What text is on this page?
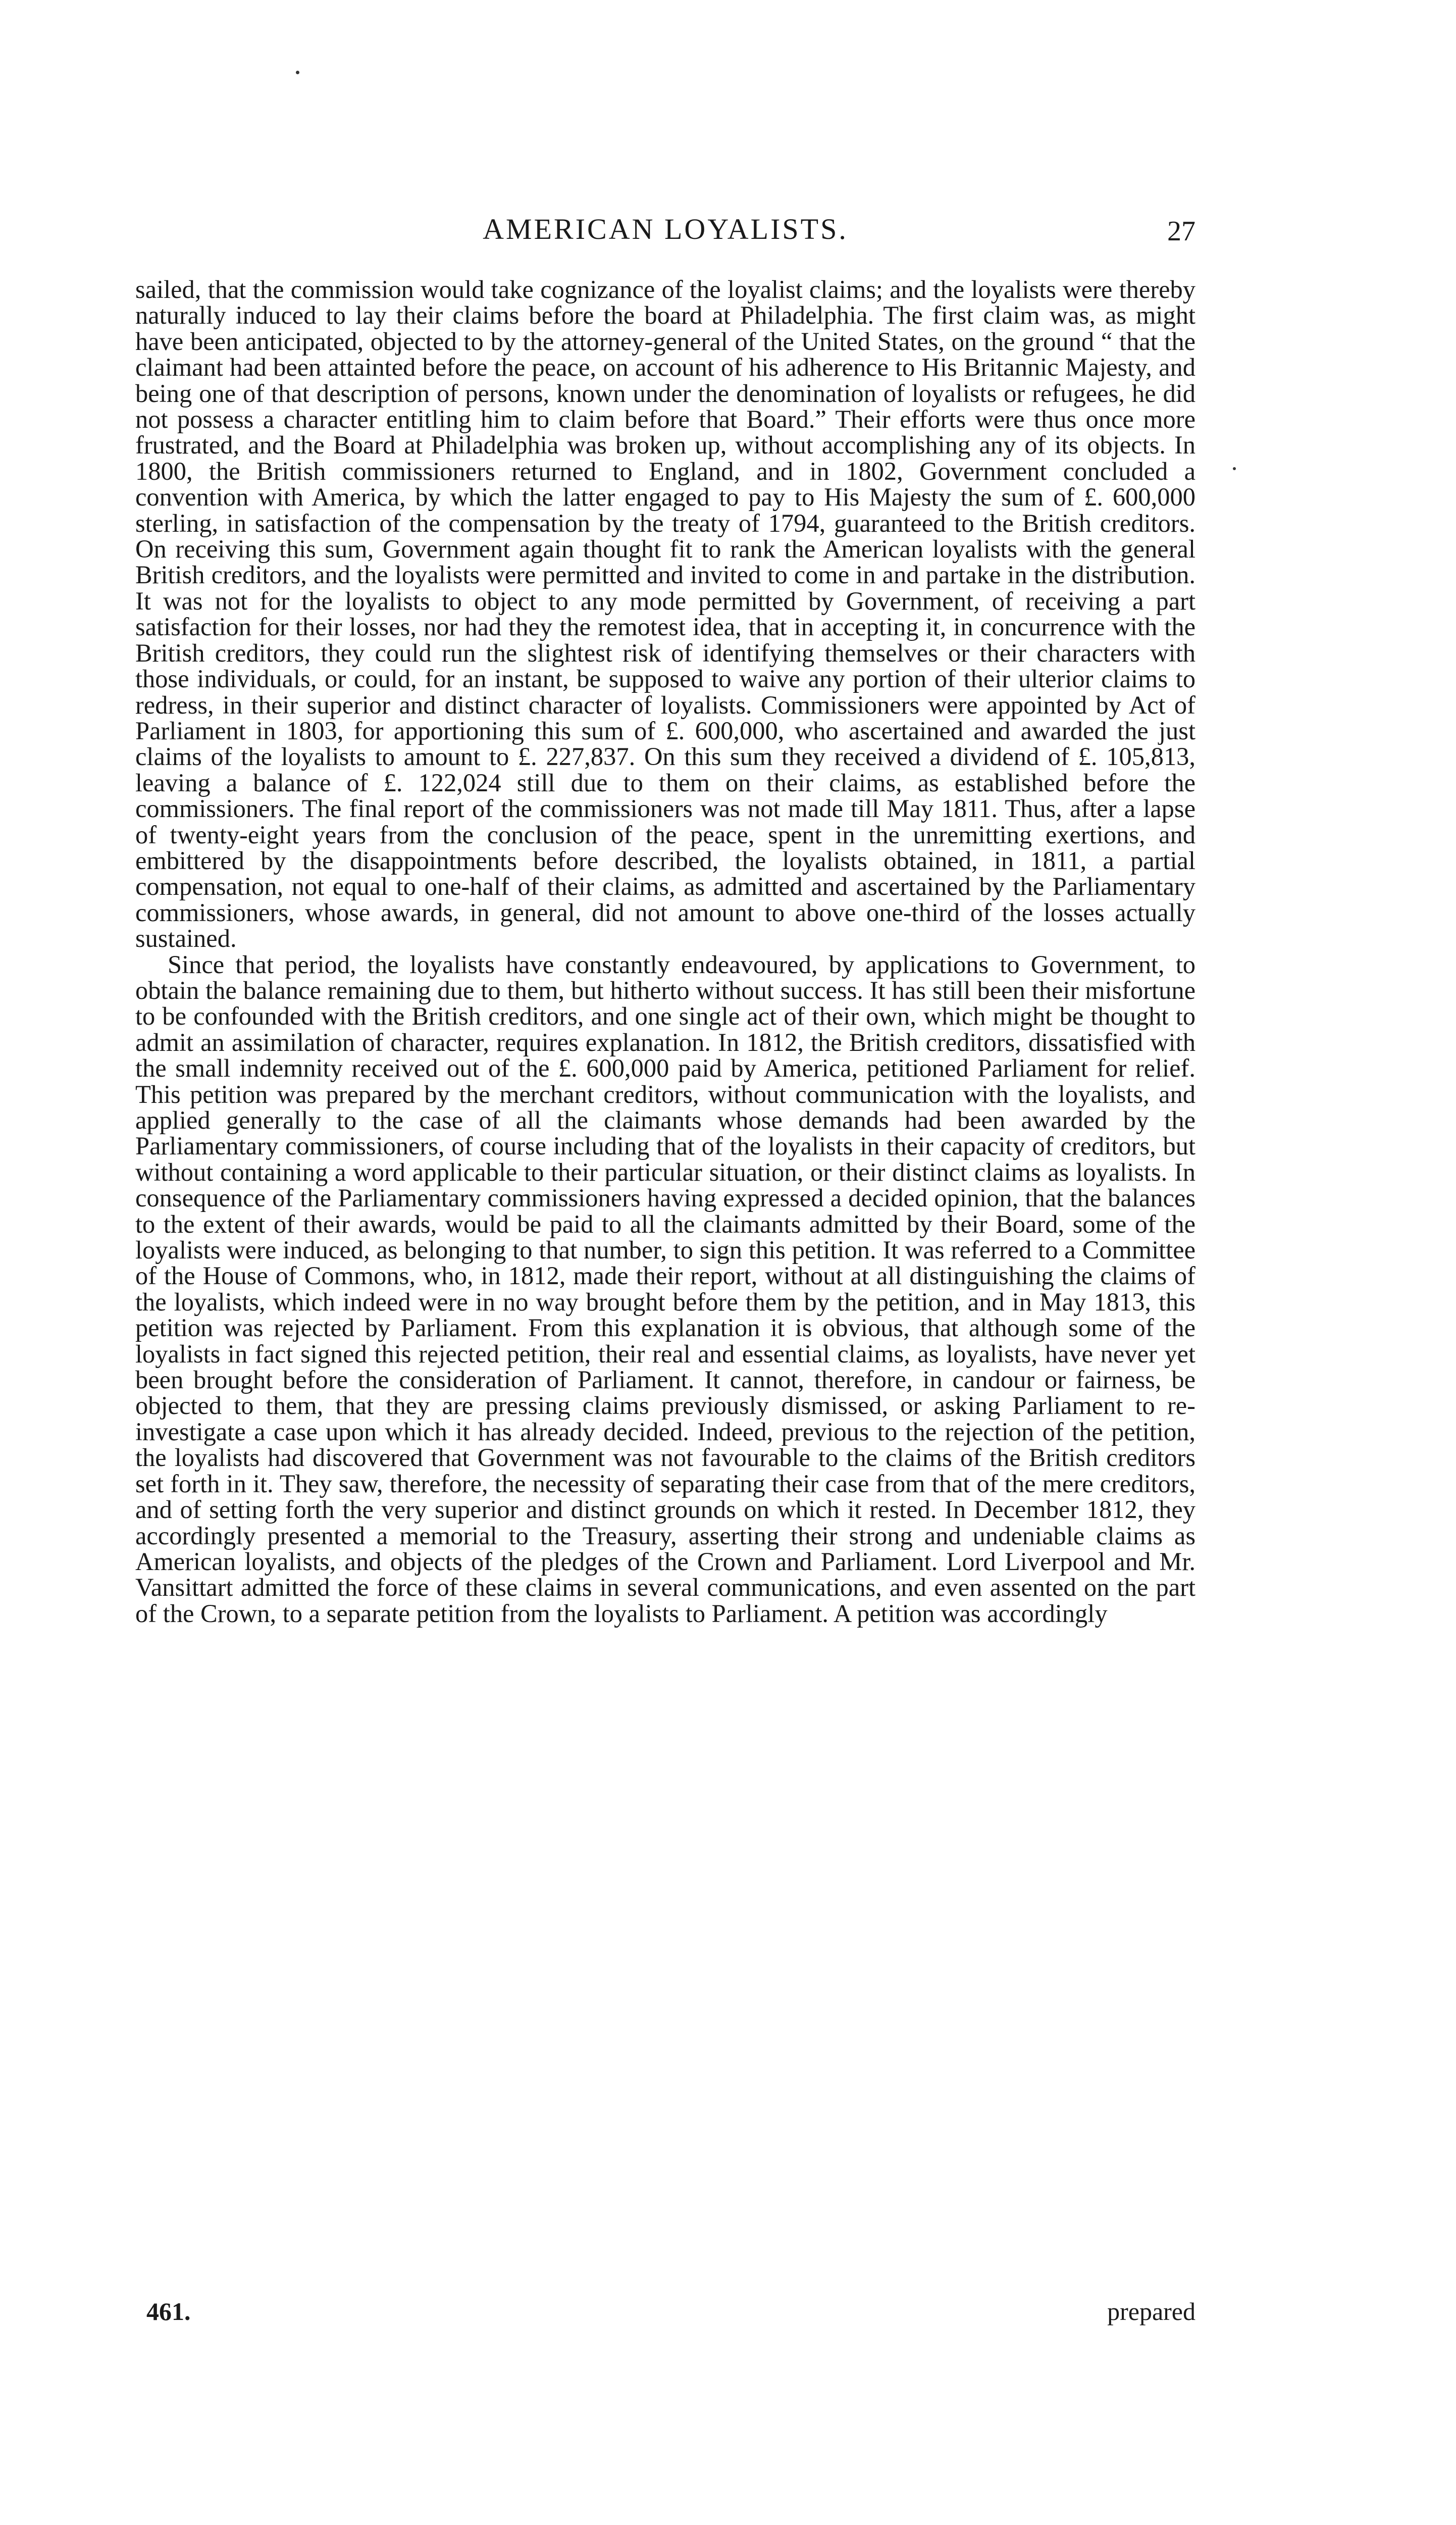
AMERICAN LOYALISTS.	27

sailed, that the commission would take cognizance of the loyalist claims; and the loyalists were thereby naturally induced to lay their claims before the board at Philadelphia. The first claim was, as might have been anticipated, objected to by the attorney-general of the United States, on the ground “ that the claimant had been attainted before the peace, on account of his adherence to His Britannic Majesty, and being one of that description of persons, known under the denomination of loyalists or refugees, he did not possess a character entitling him to claim before that Board.” Their efforts were thus once more frustrated, and the Board at Philadelphia was broken up, without accomplishing any of its objects. In 1800, the British commissioners returned to England, and in 1802, Government concluded a convention with America, by which the latter engaged to pay to His Majesty the sum of £. 600,000 sterling, in satisfaction of the compensation by the treaty of 1794, guaranteed to the British creditors. On receiving this sum, Government again thought fit to rank the American loyalists with the general British creditors, and the loyalists were permitted and invited to come in and partake in the distribution. It was not for the loyalists to object to any mode permitted by Government, of receiving a part satisfaction for their losses, nor had they the remotest idea, that in accepting it, in concurrence with the British creditors, they could run the slightest risk of identifying themselves or their characters with those individuals, or could, for an instant, be supposed to waive any portion of their ulterior claims to redress, in their superior and distinct character of loyalists. Commissioners were appointed by Act of Parliament in 1803, for apportioning this sum of £. 600,000, who ascertained and awarded the just claims of the loyalists to amount to £. 227,837. On this sum they received a dividend of £. 105,813, leaving a balance of £. 122,024 still due to them on their claims, as established before the commissioners. The final report of the commissioners was not made till May 1811. Thus, after a lapse of twenty-eight years from the conclusion of the peace, spent in the unremitting exertions, and embittered by the disappointments before described, the loyalists obtained, in 1811, a partial compensation, not equal to one-half of their claims, as admitted and ascertained by the Parliamentary commissioners, whose awards, in general, did not amount to above one-third of the losses actually sustained.

Since that period, the loyalists have constantly endeavoured, by applications to Government, to obtain the balance remaining due to them, but hitherto without success. It has still been their misfortune to be confounded with the British creditors, and one single act of their own, which might be thought to admit an assimilation of character, requires explanation. In 1812, the British creditors, dissatisfied with the small indemnity received out of the £. 600,000 paid by America, petitioned Parliament for relief. This petition was prepared by the merchant creditors, without communication with the loyalists, and applied generally to the case of all the claimants whose demands had been awarded by the Parliamentary commissioners, of course including that of the loyalists in their capacity of creditors, but without containing a word applicable to their particular situation, or their distinct claims as loyalists. In consequence of the Parliamentary commissioners having expressed a decided opinion, that the balances to the extent of their awards, would be paid to all the claimants admitted by their Board, some of the loyalists were induced, as belonging to that number, to sign this petition. It was referred to a Committee of the House of Commons, who, in 1812, made their report, without at all distinguishing the claims of the loyalists, which indeed were in no way brought before them by the petition, and in May 1813, this petition was rejected by Parliament. From this explanation it is obvious, that although some of the loyalists in fact signed this rejected petition, their real and essential claims, as loyalists, have never yet been brought before the consideration of Parliament. It cannot, therefore, in candour or fairness, be objected to them, that they are pressing claims previously dismissed, or asking Parliament to re-investigate a case upon which it has already decided. Indeed, previous to the rejection of the petition, the loyalists had discovered that Government was not favourable to the claims of the British creditors set forth in it. They saw, therefore, the necessity of separating their case from that of the mere creditors, and of setting forth the very superior and distinct grounds on which it rested. In December 1812, they accordingly presented a memorial to the Treasury, asserting their strong and undeniable claims as American loyalists, and objects of the pledges of the Crown and Parliament. Lord Liverpool and Mr. Vansittart admitted the force of these claims in several communications, and even assented on the part of the Crown, to a separate petition from the loyalists to Parliament. A petition was accordingly

461.	prepared
